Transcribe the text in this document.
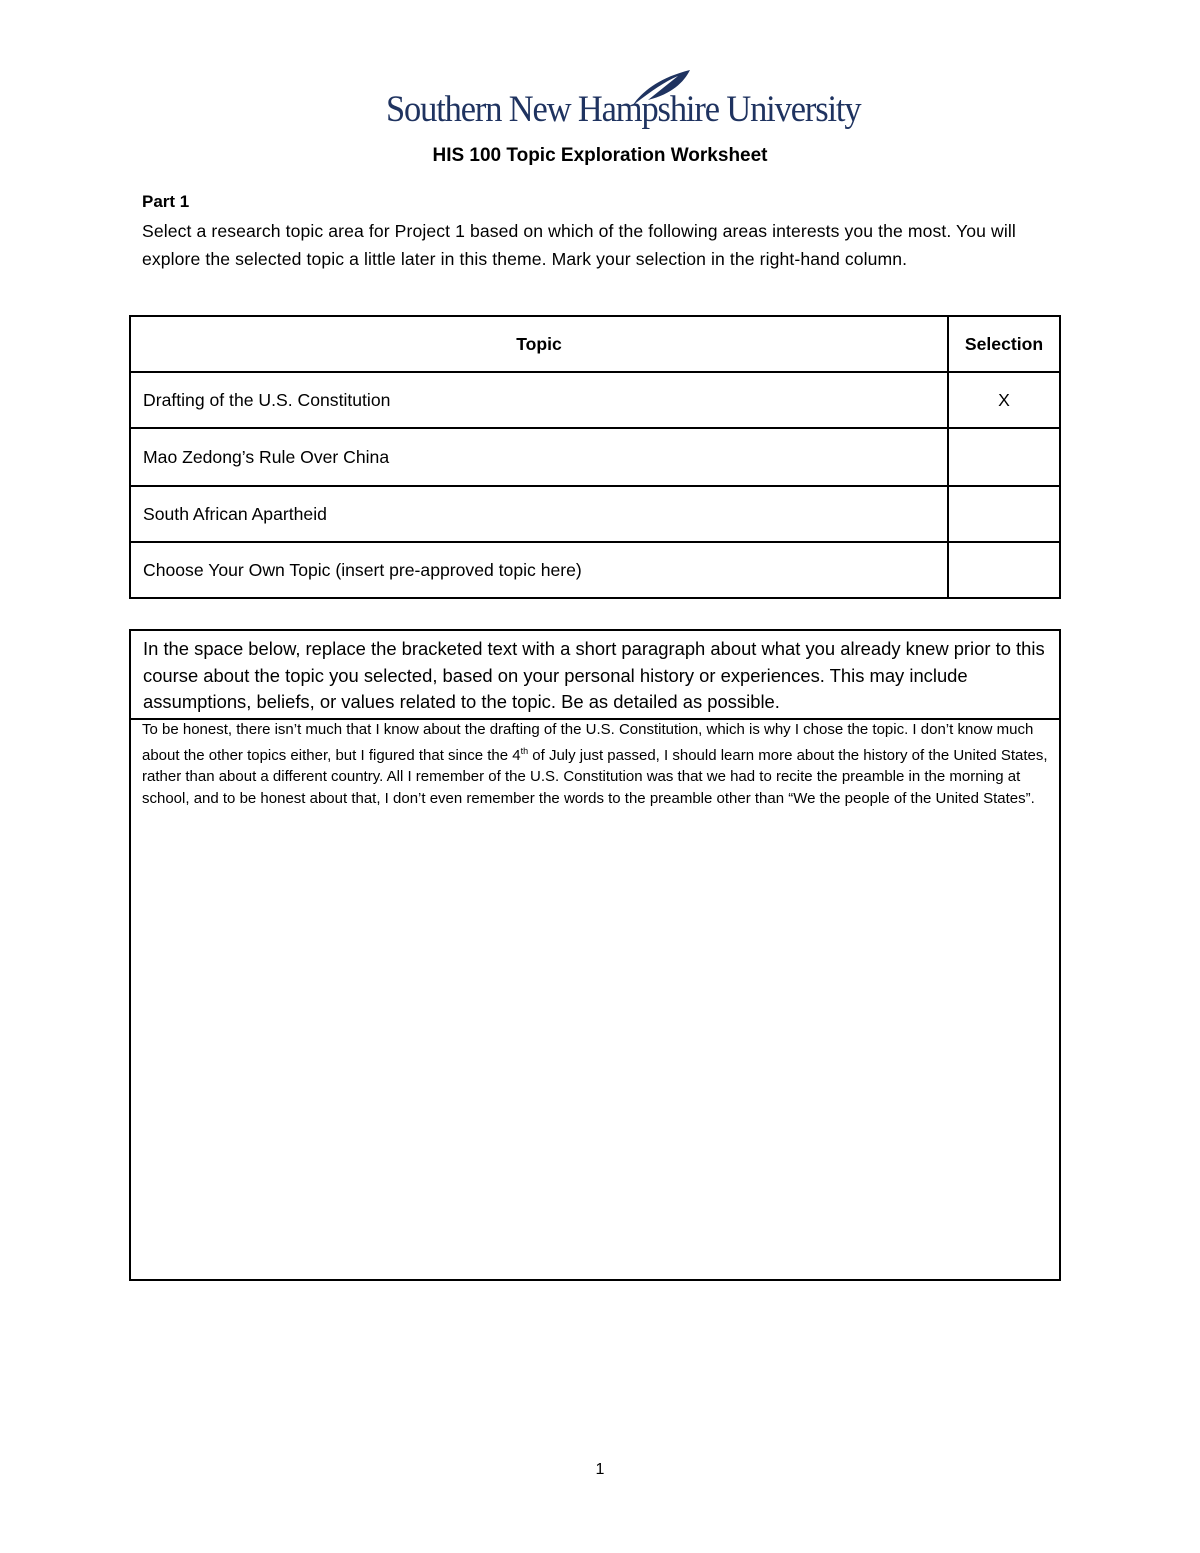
Southern New Hampshire University
HIS 100 Topic Exploration Worksheet
Part 1
Select a research topic area for Project 1 based on which of the following areas interests you the most. You will explore the selected topic a little later in this theme. Mark your selection in the right-hand column.
Topic	Selection
Drafting of the U.S. Constitution	X
Mao Zedong’s Rule Over China	
South African Apartheid	
Choose Your Own Topic (insert pre-approved topic here)	
In the space below, replace the bracketed text with a short paragraph about what you already knew prior to this course about the topic you selected, based on your personal history or experiences. This may include assumptions, beliefs, or values related to the topic. Be as detailed as possible.
To be honest, there isn’t much that I know about the drafting of the U.S. Constitution, which is why I chose the topic. I don’t know much about the other topics either, but I figured that since the 4th of July just passed, I should learn more about the history of the United States, rather than about a different country. All I remember of the U.S. Constitution was that we had to recite the preamble in the morning at school, and to be honest about that, I don’t even remember the words to the preamble other than “We the people of the United States”.
1
